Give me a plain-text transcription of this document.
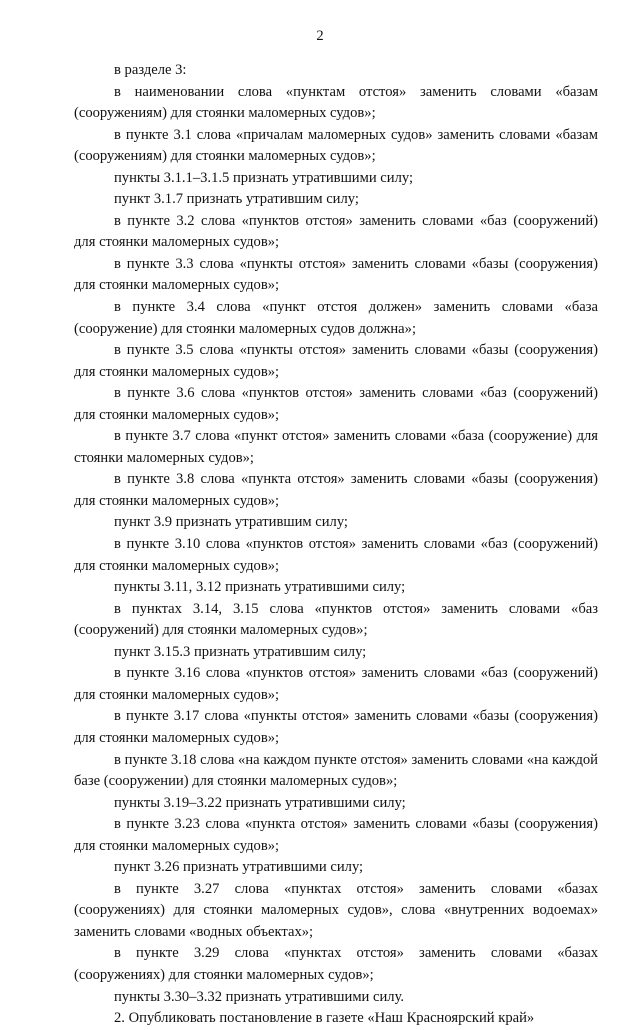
2

в разделе 3:

в наименовании слова «пунктам отстоя» заменить словами «базам (сооружениям) для стоянки маломерных судов»;

в пункте 3.1 слова «причалам маломерных судов» заменить словами «базам (сооружениям) для стоянки маломерных судов»;

пункты 3.1.1–3.1.5 признать утратившими силу;

пункт 3.1.7 признать утратившим силу;

в пункте 3.2 слова «пунктов отстоя» заменить словами «баз (сооружений) для стоянки маломерных судов»;

в пункте 3.3 слова «пункты отстоя» заменить словами «базы (сооружения) для стоянки маломерных судов»;

в пункте 3.4 слова «пункт отстоя должен» заменить словами «база (сооружение) для стоянки маломерных судов должна»;

в пункте 3.5 слова «пункты отстоя» заменить словами «базы (сооружения) для стоянки маломерных судов»;

в пункте 3.6 слова «пунктов отстоя» заменить словами «баз (сооружений) для стоянки маломерных судов»;

в пункте 3.7 слова «пункт отстоя» заменить словами «база (сооружение) для стоянки маломерных судов»;

в пункте 3.8 слова «пункта отстоя» заменить словами «базы (сооружения) для стоянки маломерных судов»;

пункт 3.9 признать утратившим силу;

в пункте 3.10 слова «пунктов отстоя» заменить словами «баз (сооружений) для стоянки маломерных судов»;

пункты 3.11, 3.12 признать утратившими силу;

в пунктах 3.14, 3.15 слова «пунктов отстоя» заменить словами «баз (сооружений) для стоянки маломерных судов»;

пункт 3.15.3 признать утратившим силу;

в пункте 3.16 слова «пунктов отстоя» заменить словами «баз (сооружений) для стоянки маломерных судов»;

в пункте 3.17 слова «пункты отстоя» заменить словами «базы (сооружения) для стоянки маломерных судов»;

в пункте 3.18 слова «на каждом пункте отстоя» заменить словами «на каждой базе (сооружении) для стоянки маломерных судов»;

пункты 3.19–3.22 признать утратившими силу;

в пункте 3.23 слова «пункта отстоя» заменить словами «базы (сооружения) для стоянки маломерных судов»;

пункт 3.26 признать утратившими силу;

в пункте 3.27 слова «пунктах отстоя» заменить словами «базах (сооружениях) для стоянки маломерных судов», слова «внутренних водоемах» заменить словами «водных объектах»;

в пункте 3.29 слова «пунктах отстоя» заменить словами «базах (сооружениях) для стоянки маломерных судов»;

пункты 3.30–3.32 признать утратившими силу.

2. Опубликовать постановление в газете «Наш Красноярский край»
